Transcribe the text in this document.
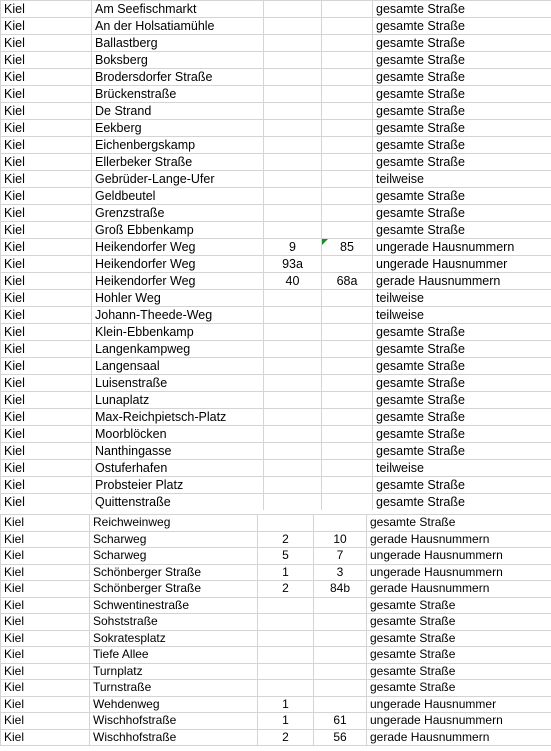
Kiel	Am Seefischmarkt			gesamte Straße
Kiel	An der Holsatiamühle			gesamte Straße
Kiel	Ballastberg			gesamte Straße
Kiel	Boksberg			gesamte Straße
Kiel	Brodersdorfer Straße			gesamte Straße
Kiel	Brückenstraße			gesamte Straße
Kiel	De Strand			gesamte Straße
Kiel	Eekberg			gesamte Straße
Kiel	Eichenbergskamp			gesamte Straße
Kiel	Ellerbeker Straße			gesamte Straße
Kiel	Gebrüder-Lange-Ufer			teilweise
Kiel	Geldbeutel			gesamte Straße
Kiel	Grenzstraße			gesamte Straße
Kiel	Groß Ebbenkamp			gesamte Straße
Kiel	Heikendorfer Weg	9	85	ungerade Hausnummern
Kiel	Heikendorfer Weg	93a		ungerade Hausnummer
Kiel	Heikendorfer Weg	40	68a	gerade Hausnummern
Kiel	Hohler Weg			teilweise
Kiel	Johann-Theede-Weg			teilweise
Kiel	Klein-Ebbenkamp			gesamte Straße
Kiel	Langenkampweg			gesamte Straße
Kiel	Langensaal			gesamte Straße
Kiel	Luisenstraße			gesamte Straße
Kiel	Lunaplatz			gesamte Straße
Kiel	Max-Reichpietsch-Platz			gesamte Straße
Kiel	Moorblöcken			gesamte Straße
Kiel	Nanthingasse			gesamte Straße
Kiel	Ostuferhafen			teilweise
Kiel	Probsteier Platz			gesamte Straße
Kiel	Quittenstraße			gesamte Straße
Kiel	Reichweinweg			gesamte Straße
Kiel	Scharweg	2	10	gerade Hausnummern
Kiel	Scharweg	5	7	ungerade Hausnummern
Kiel	Schönberger Straße	1	3	ungerade Hausnummern
Kiel	Schönberger Straße	2	84b	gerade Hausnummern
Kiel	Schwentinestraße			gesamte Straße
Kiel	Sohststraße			gesamte Straße
Kiel	Sokratesplatz			gesamte Straße
Kiel	Tiefe Allee			gesamte Straße
Kiel	Turnplatz			gesamte Straße
Kiel	Turnstraße			gesamte Straße
Kiel	Wehdenweg	1		ungerade Hausnummer
Kiel	Wischhofstraße	1	61	ungerade Hausnummern
Kiel	Wischhofstraße	2	56	gerade Hausnummern
